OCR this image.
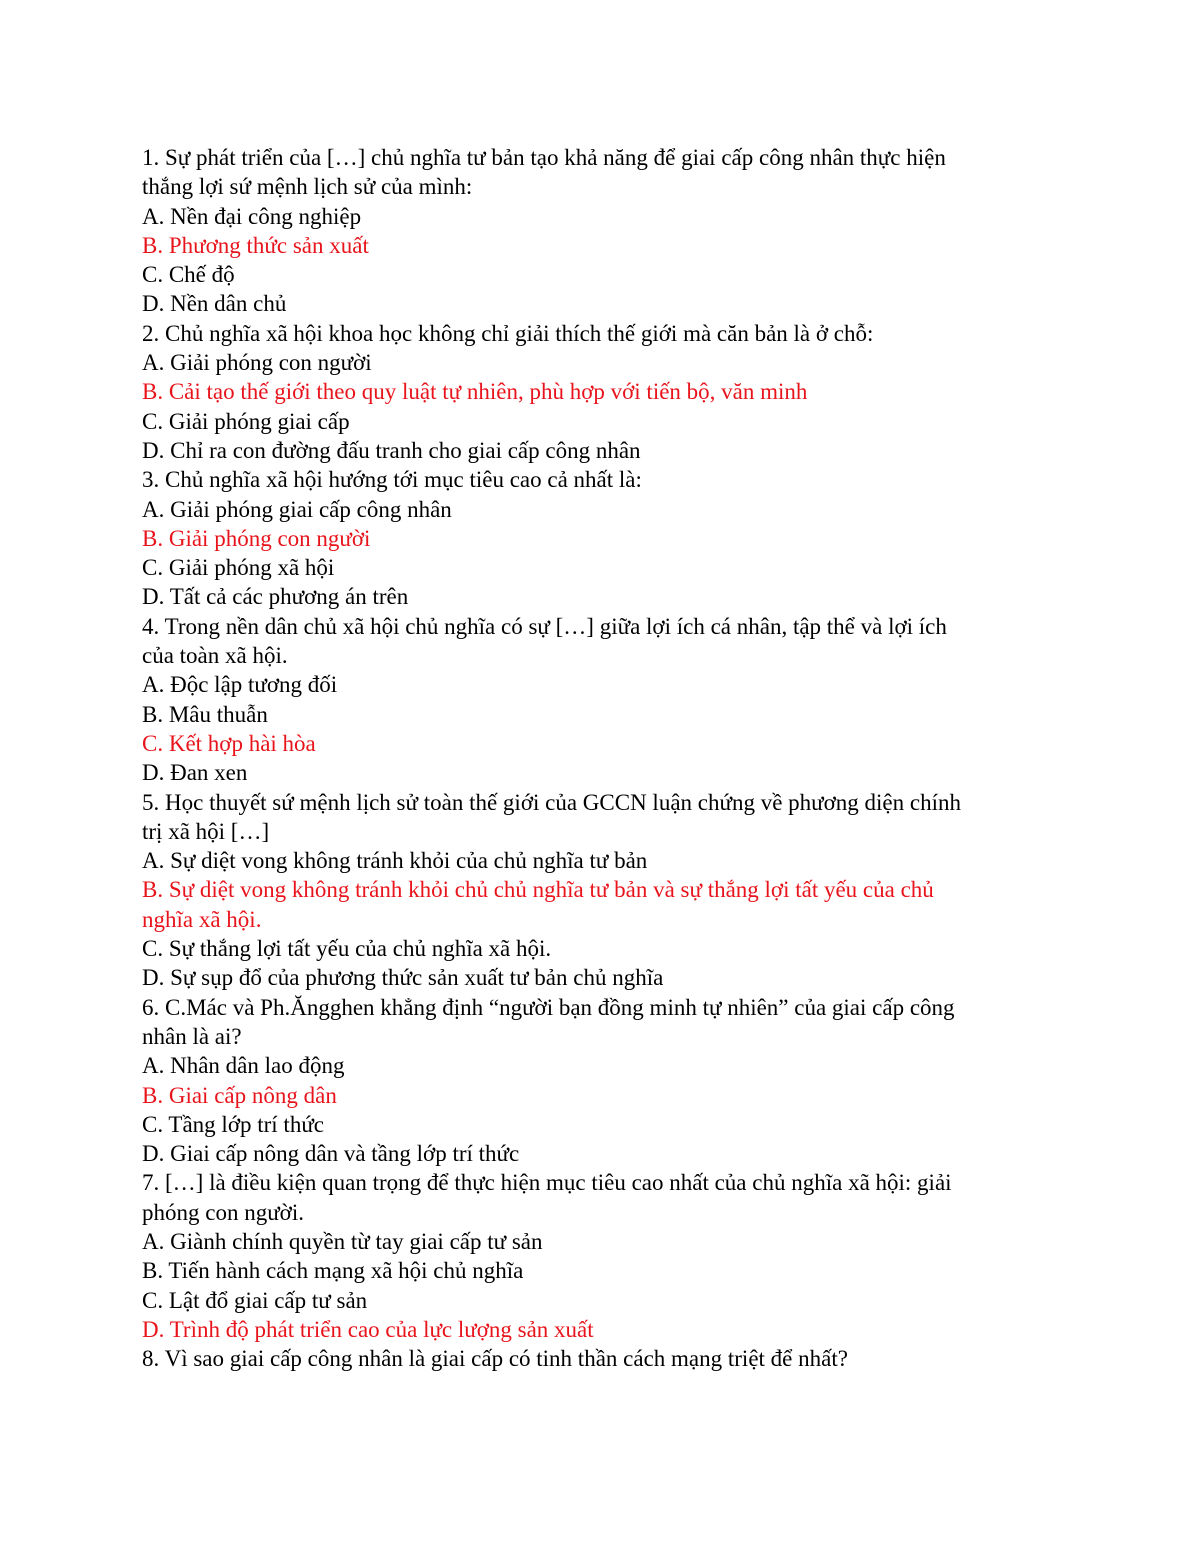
1. Sự phát triển của […] chủ nghĩa tư bản tạo khả năng để giai cấp công nhân thực hiện
thắng lợi sứ mệnh lịch sử của mình:
A. Nền đại công nghiệp
B. Phương thức sản xuất
C. Chế độ
D. Nền dân chủ
2. Chủ nghĩa xã hội khoa học không chỉ giải thích thế giới mà căn bản là ở chỗ:
A. Giải phóng con người
B. Cải tạo thế giới theo quy luật tự nhiên, phù hợp với tiến bộ, văn minh
C. Giải phóng giai cấp
D. Chỉ ra con đường đấu tranh cho giai cấp công nhân
3. Chủ nghĩa xã hội hướng tới mục tiêu cao cả nhất là:
A. Giải phóng giai cấp công nhân
B. Giải phóng con người
C. Giải phóng xã hội
D. Tất cả các phương án trên
4. Trong nền dân chủ xã hội chủ nghĩa có sự […] giữa lợi ích cá nhân, tập thể và lợi ích
của toàn xã hội.
A. Độc lập tương đối
B. Mâu thuẫn
C. Kết hợp hài hòa
D. Đan xen
5. Học thuyết sứ mệnh lịch sử toàn thế giới của GCCN luận chứng về phương diện chính
trị xã hội […]
A. Sự diệt vong không tránh khỏi của chủ nghĩa tư bản
B. Sự diệt vong không tránh khỏi chủ chủ nghĩa tư bản và sự thắng lợi tất yếu của chủ
nghĩa xã hội.
C. Sự thắng lợi tất yếu của chủ nghĩa xã hội.
D. Sự sụp đổ của phương thức sản xuất tư bản chủ nghĩa
6. C.Mác và Ph.Ăngghen khẳng định “người bạn đồng minh tự nhiên” của giai cấp công
nhân là ai?
A. Nhân dân lao động
B. Giai cấp nông dân
C. Tầng lớp trí thức
D. Giai cấp nông dân và tầng lớp trí thức
7. […] là điều kiện quan trọng để thực hiện mục tiêu cao nhất của chủ nghĩa xã hội: giải
phóng con người.
A. Giành chính quyền từ tay giai cấp tư sản
B. Tiến hành cách mạng xã hội chủ nghĩa
C. Lật đổ giai cấp tư sản
D. Trình độ phát triển cao của lực lượng sản xuất
8. Vì sao giai cấp công nhân là giai cấp có tinh thần cách mạng triệt để nhất?
